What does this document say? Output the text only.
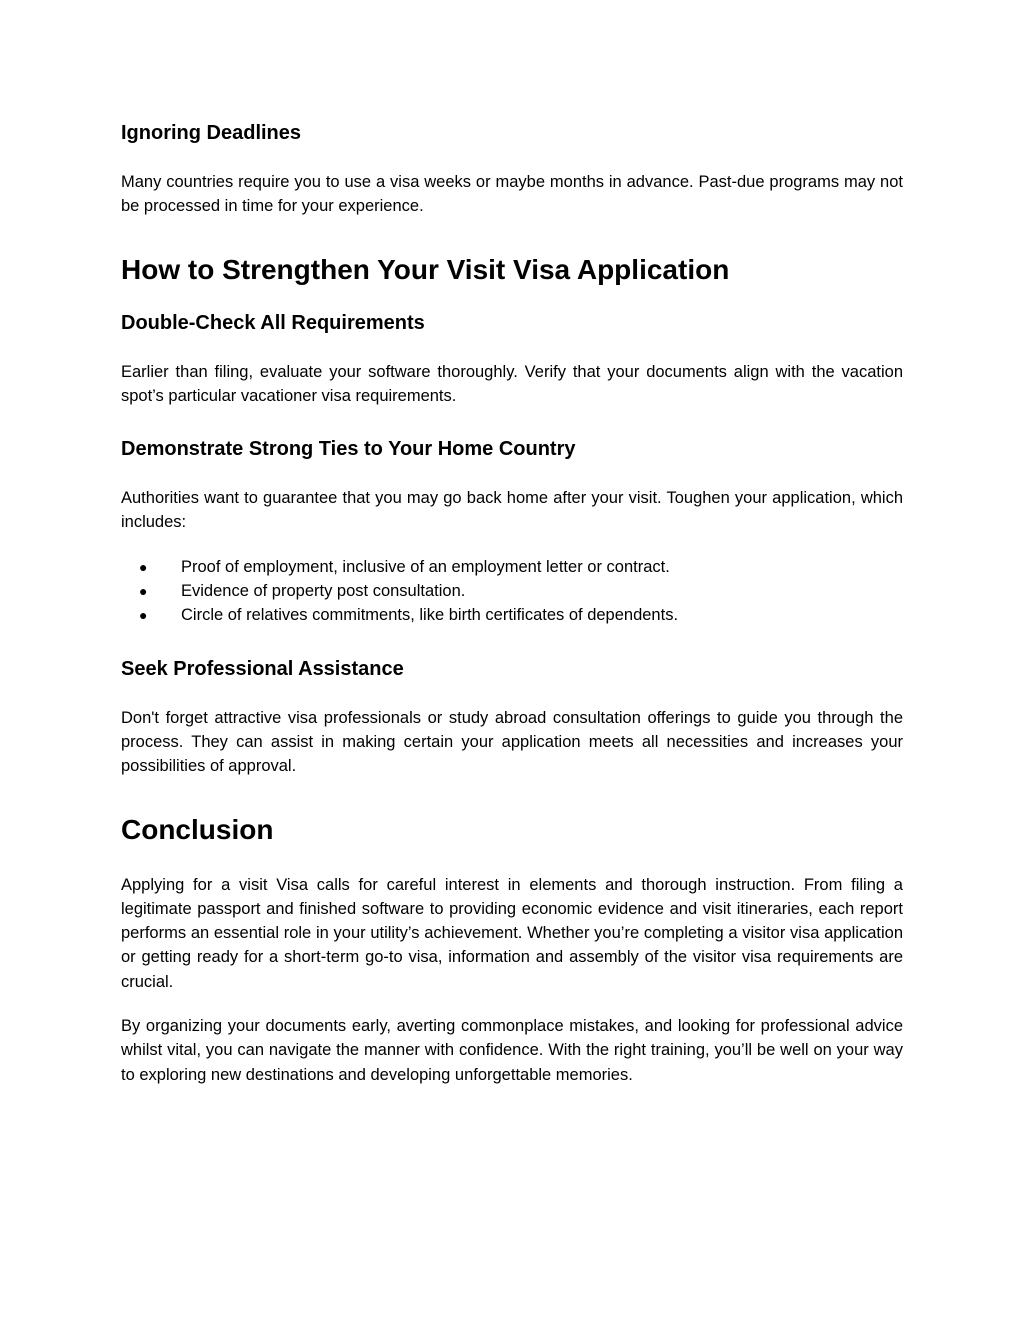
Ignoring Deadlines

Many countries require you to use a visa weeks or maybe months in advance. Past-due programs may not be processed in time for your experience.

How to Strengthen Your Visit Visa Application
Double-Check All Requirements

Earlier than filing, evaluate your software thoroughly. Verify that your documents align with the vacation spot’s particular vacationer visa requirements.

Demonstrate Strong Ties to Your Home Country

Authorities want to guarantee that you may go back home after your visit. Toughen your application, which includes:

● Proof of employment, inclusive of an employment letter or contract.
● Evidence of property post consultation.
● Circle of relatives commitments, like birth certificates of dependents.
Seek Professional Assistance

Don't forget attractive visa professionals or study abroad consultation offerings to guide you through the process. They can assist in making certain your application meets all necessities and increases your possibilities of approval.

Conclusion

Applying for a visit Visa calls for careful interest in elements and thorough instruction. From filing a legitimate passport and finished software to providing economic evidence and visit itineraries, each report performs an essential role in your utility’s achievement. Whether you’re completing a visitor visa application or getting ready for a short-term go-to visa, information and assembly of the visitor visa requirements are crucial.

By organizing your documents early, averting commonplace mistakes, and looking for professional advice whilst vital, you can navigate the manner with confidence. With the right training, you’ll be well on your way to exploring new destinations and developing unforgettable memories.
